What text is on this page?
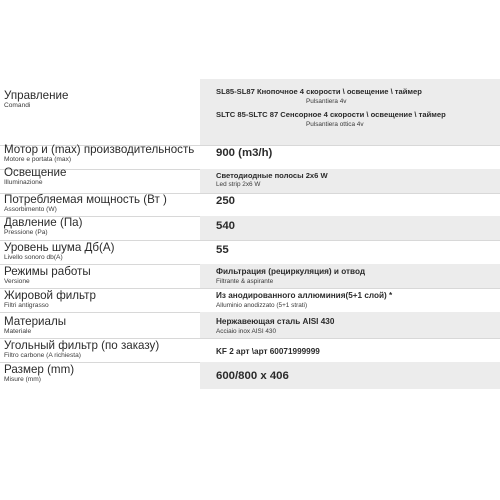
Управление
Comandi
SL85-SL87 Кнопочное 4 скорости \ освещение \ таймер
Pulsantiera 4v
SLTC 85-SLTC 87 Сенсорное 4 скорости \ освещение \ таймер
Pulsantiera ottica 4v
Мотор и (max) производительность
Motore e portata (max)
900 (m3/h)
Освещение
Illuminazione
Светодиодные полосы 2x6 W
Led strip 2x6 W
Потребляемая мощность (Вт )
Assorbimento (W)
250
Давление (Па)
Pressione (Pa)
540
Уровень шума Дб(A)
Livello sonoro db(A)
55
Режимы работы
Versione
Фильтрация (рециркуляция) и отвод
Filtrante & aspirante
Жировой фильтр
Filtri antigrasso
Из анодированного аллюминия(5+1 слой) *
Alluminio anodizzato (5+1 strati)
Материалы
Materiale
Нержавеющая сталь AISI 430
Acciaio inox AISI 430
Угольный фильтр (по заказу)
Filtro carbone (A richiesta)	KF 2 арт \арт 60071999999
Размер (mm)
Misure (mm)	600/800 x 406
